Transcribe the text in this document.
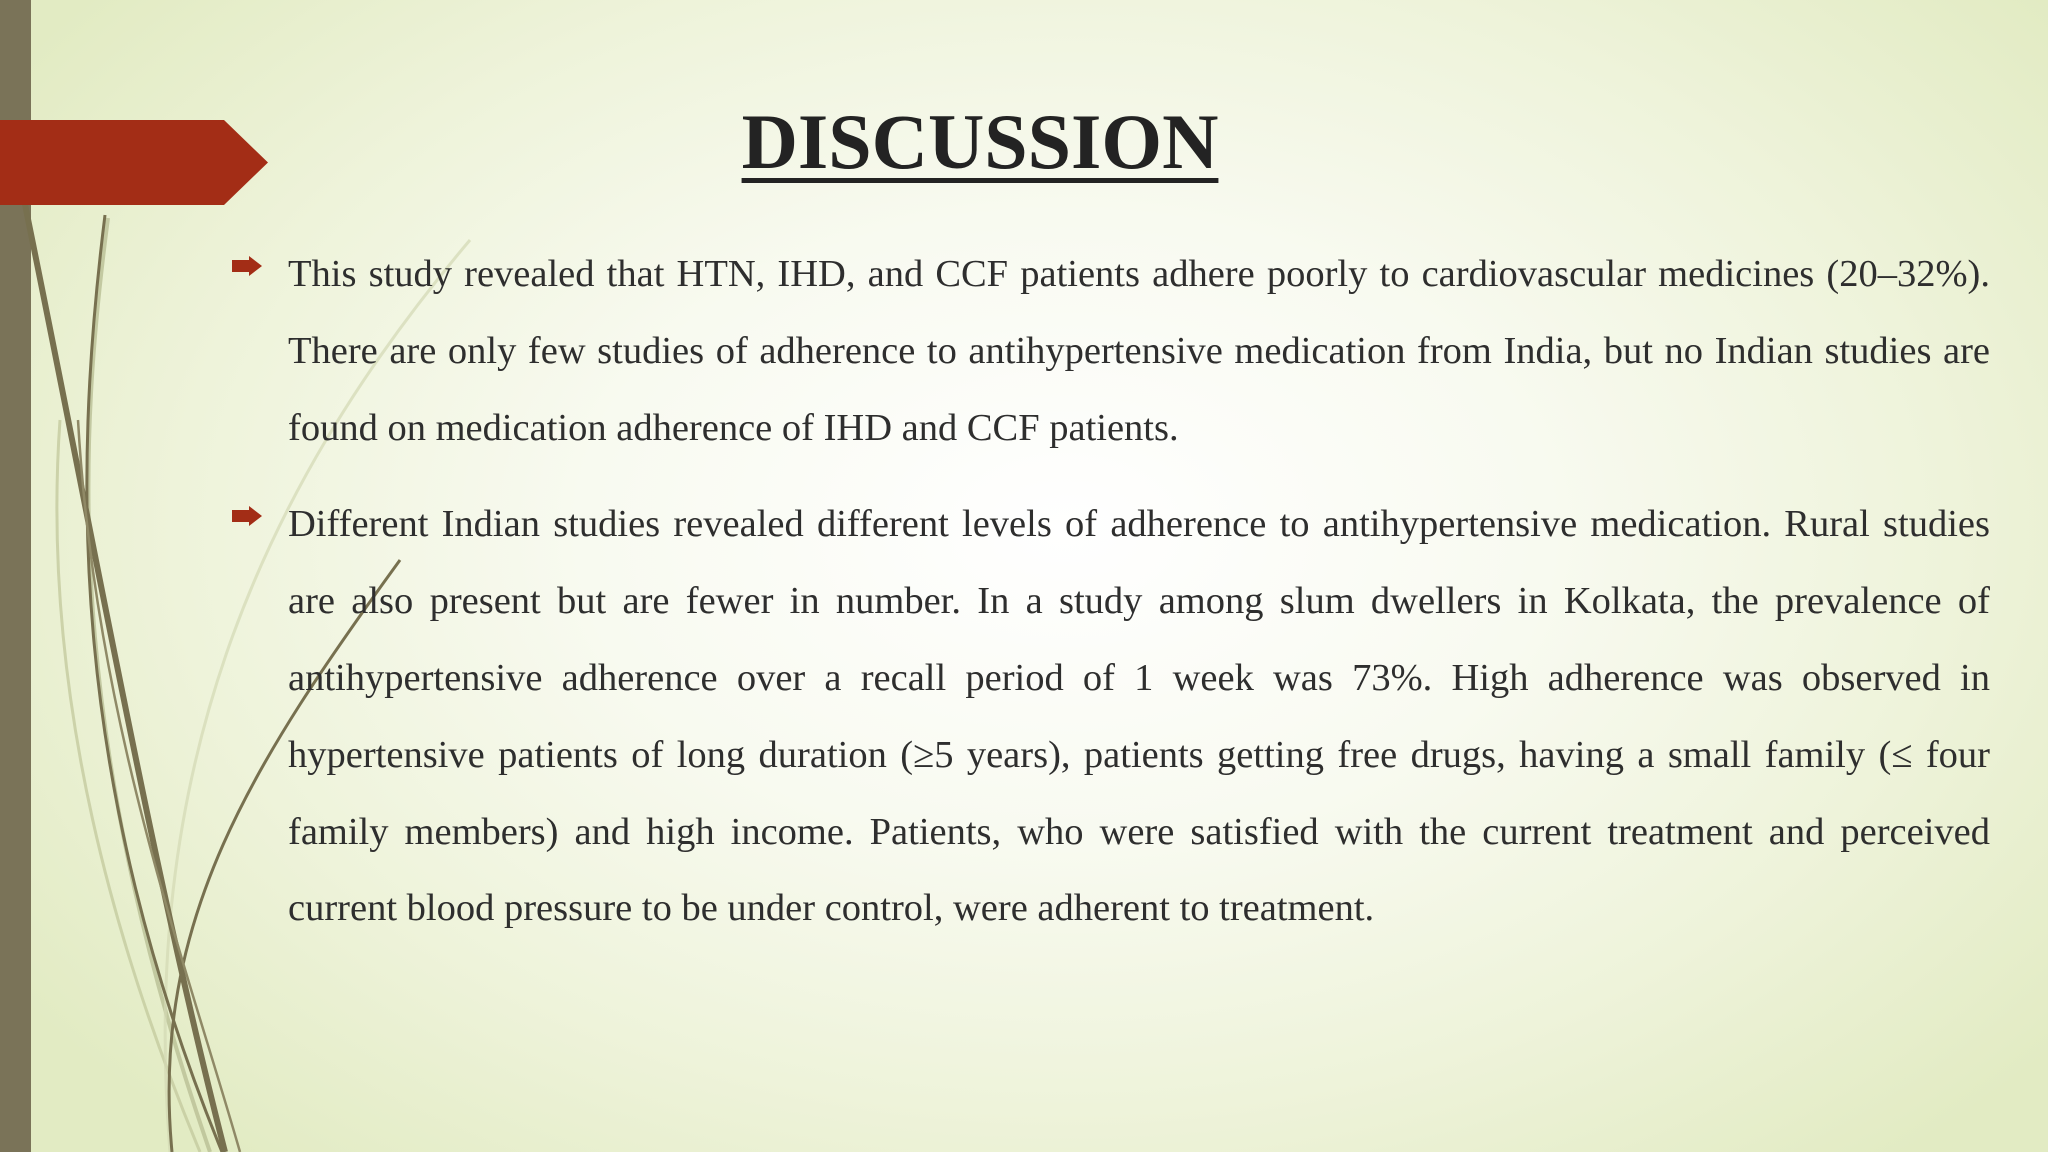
DISCUSSION
This study revealed that HTN, IHD, and CCF patients adhere poorly to cardiovascular medicines (20–32%). There are only few studies of adherence to antihypertensive medication from India, but no Indian studies are found on medication adherence of IHD and CCF patients.
Different Indian studies revealed different levels of adherence to antihypertensive medication. Rural studies are also present but are fewer in number. In a study among slum dwellers in Kolkata, the prevalence of antihypertensive adherence over a recall period of 1 week was 73%. High adherence was observed in hypertensive patients of long duration (≥5 years), patients getting free drugs, having a small family (≤ four family members) and high income. Patients, who were satisfied with the current treatment and perceived current blood pressure to be under control, were adherent to treatment.
